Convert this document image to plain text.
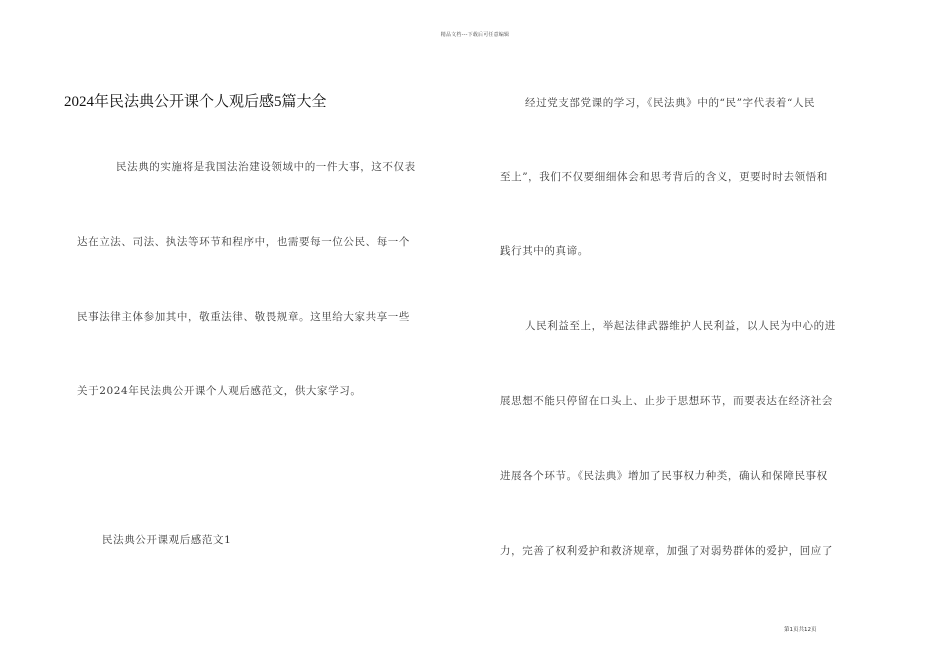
精品文档---下载后可任意编辑
2024年民法典公开课个人观后感5篇大全

民法典的实施将是我国法治建设领域中的一件大事，这不仅表

达在立法、司法、执法等环节和程序中，也需要每一位公民、每一个

民事法律主体参加其中，敬重法律、敬畏规章。这里给大家共享一些

关于2024年民法典公开课个人观后感范文，供大家学习。

民法典公开课观后感范文1

经过党支部党课的学习，《民法典》中的“民”字代表着“人民

至上”，我们不仅要细细体会和思考背后的含义，更要时时去领悟和

践行其中的真谛。

人民利益至上，举起法律武器维护人民利益，以人民为中心的进

展思想不能只停留在口头上、止步于思想环节，而要表达在经济社会

进展各个环节。《民法典》增加了民事权力种类，确认和保障民事权

力，完善了权利爱护和救济规章，加强了对弱势群体的爱护，回应了

第1页共12页
